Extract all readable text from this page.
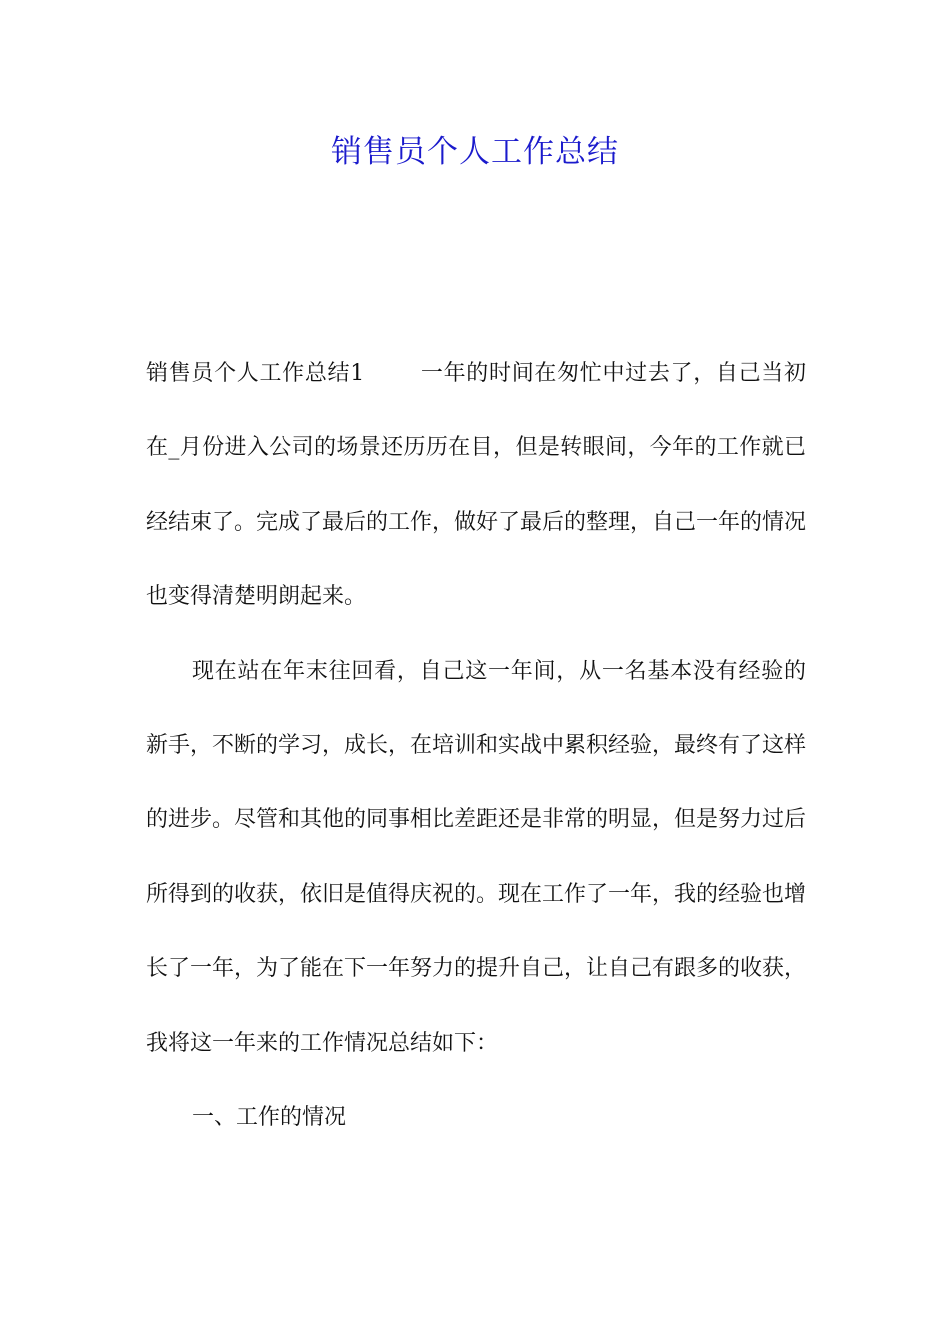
销售员个人工作总结

销售员个人工作总结1	一年的时间在匆忙中过去了，自己当初在_月份进入公司的场景还历历在目，但是转眼间，今年的工作就已经结束了。完成了最后的工作，做好了最后的整理，自己一年的情况也变得清楚明朗起来。

现在站在年末往回看，自己这一年间，从一名基本没有经验的新手，不断的学习，成长，在培训和实战中累积经验，最终有了这样的进步。尽管和其他的同事相比差距还是非常的明显，但是努力过后所得到的收获，依旧是值得庆祝的。现在工作了一年，我的经验也增长了一年，为了能在下一年努力的提升自己，让自己有跟多的收获，我将这一年来的工作情况总结如下：

一、工作的情况
